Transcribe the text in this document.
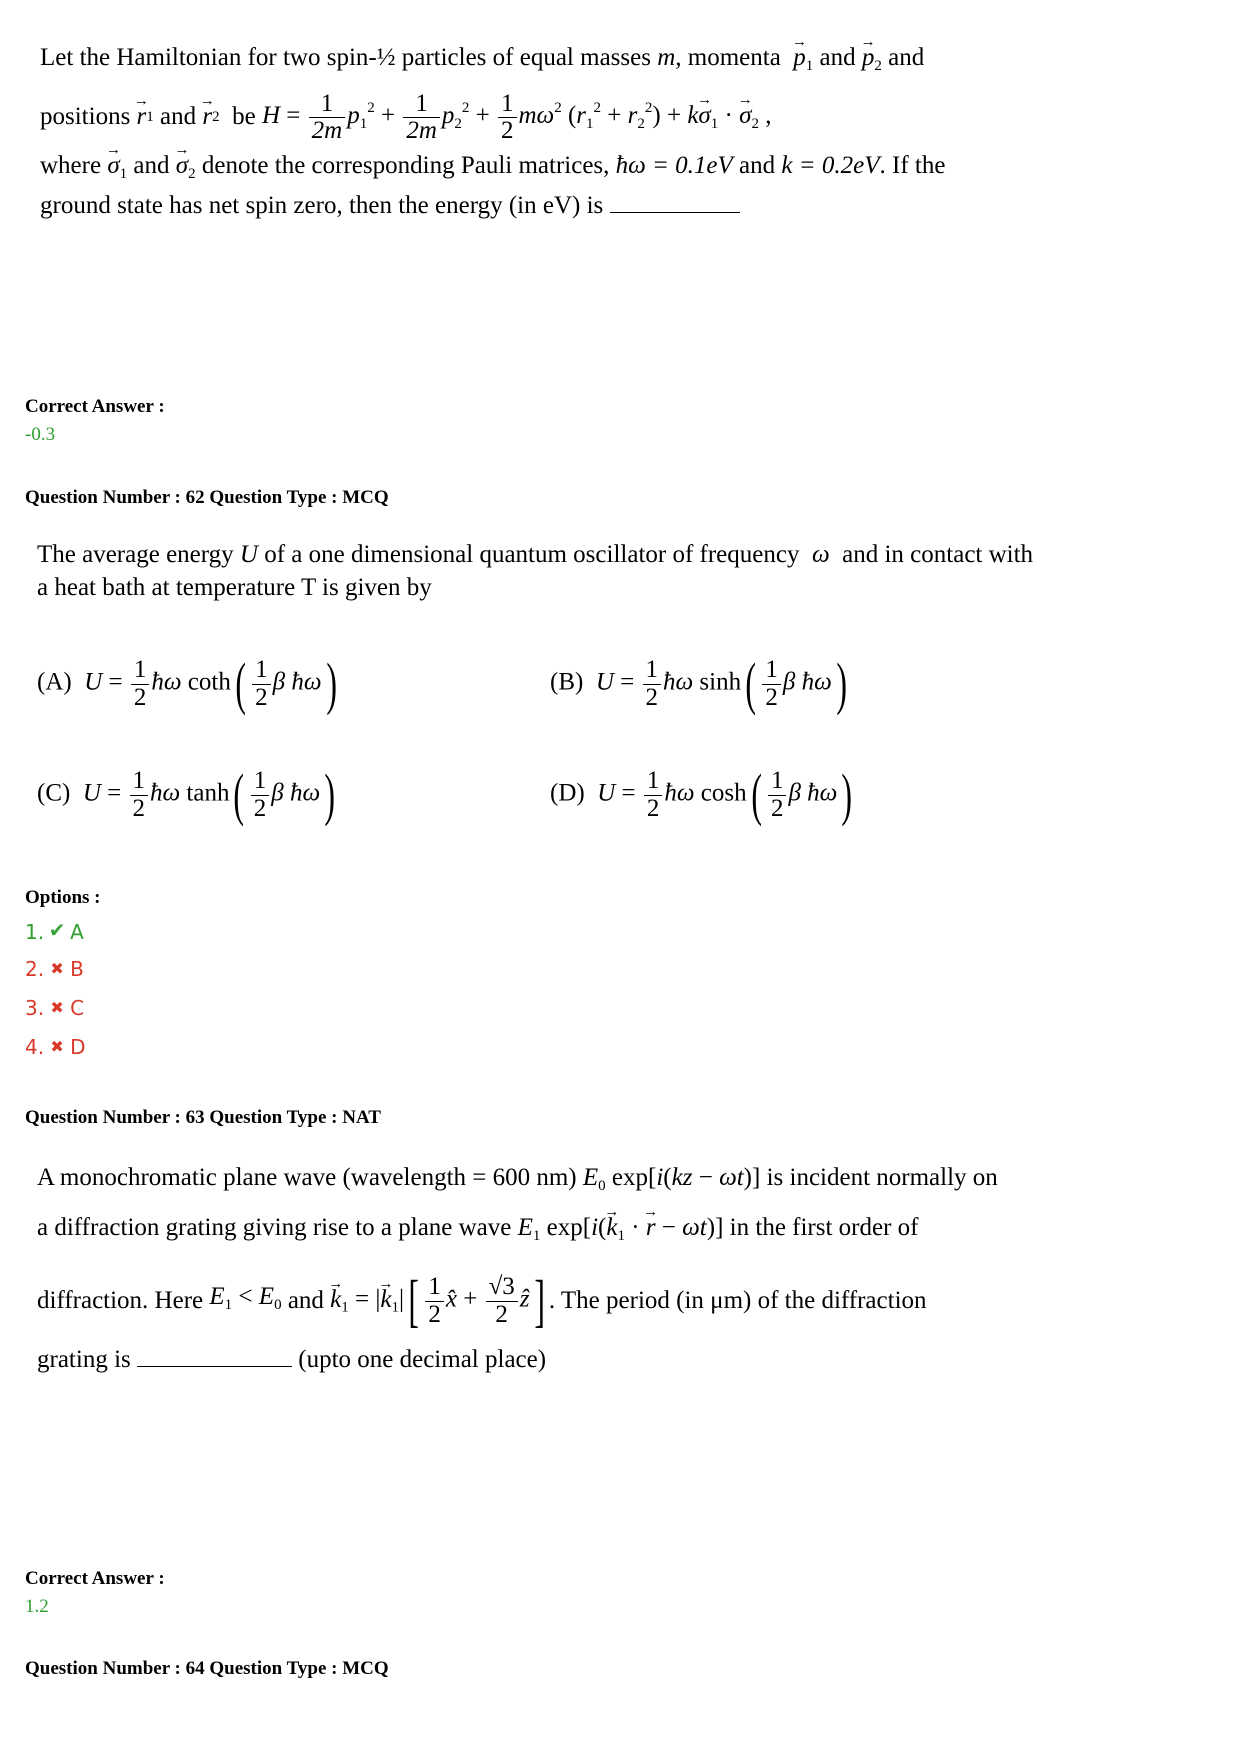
Let the Hamiltonian for two spin-½ particles of equal masses m, momenta → $p_1$ and → $p_2$ and
positions
→ r 1
and
→ r 2
be
$H = \frac{1}{2m} p_1^2 + \frac{1}{2m} p_2^2 + \frac{1}{2} m\omega^2$ $(r_1^2 + r_2^2) + k\to \sigma_1$ · → $\sigma_2$ ,
where → $\sigma_1$ and → $\sigma_2$ denote the corresponding Pauli matrices, ħω = 0.1eV and k = 0.2eV. If the
ground state has net spin zero, then the energy (in eV) is
Correct Answer :
-0.3
Question Number : 62 Question Type : MCQ
The average energy U of a one dimensional quantum oscillator of frequency ω and in contact with
a heat bath at temperature T is given by
(A) $U = \frac{1}{2}$ ħω $\cot h( \frac{1}{2}$ β ħω)	(B) $U = \frac{1}{2}$ ħω $\sinh( \frac{1}{2}$ β ħω)
(C) $U = \frac{1}{2}$ ħω $\tanh( \frac{1}{2}$ β ħω)	(D) $U = \frac{1}{2}$ ħω $\cosh( \frac{1}{2}$ β ħω)
Options :
1. ✔ A
2. ✖ B
3. ✖ C
4. ✖ D
Question Number : 63 Question Type : NAT
A monochromatic plane wave (wavelength = 600 nm) $E_0$ exp[i(kz − ωt)] is incident normally on
a diffraction grating giving rise to a plane wave $E_1$ $\exp[i(\to k_1$ · → r − ωt)] in the first order of
diffraction. Here
$E_1 < E_0$
and
→ $k_1$ = |→ $k_1|[ \frac{1}{2}$ x̂ + $\frac{√3}{2}$ ẑ] . The period (in μm) of the diffraction
grating is	(upto one decimal place)
Correct Answer :
1.2
Question Number : 64 Question Type : MCQ
